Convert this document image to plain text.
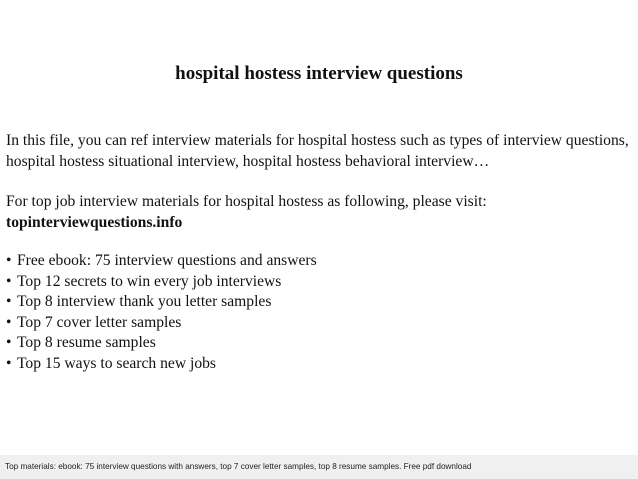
hospital hostess interview questions

In this file, you can ref interview materials for hospital hostess such as types of interview questions, hospital hostess situational interview, hospital hostess behavioral interview…

For top job interview materials for hospital hostess as following, please visit:

topinterviewquestions.info

• Free ebook: 75 interview questions and answers
• Top 12 secrets to win every job interviews
• Top 8 interview thank you letter samples
• Top 7 cover letter samples
• Top 8 resume samples
• Top 15 ways to search new jobs
Top materials: ebook: 75 interview questions with answers, top 7 cover letter samples, top 8 resume samples. Free pdf download
